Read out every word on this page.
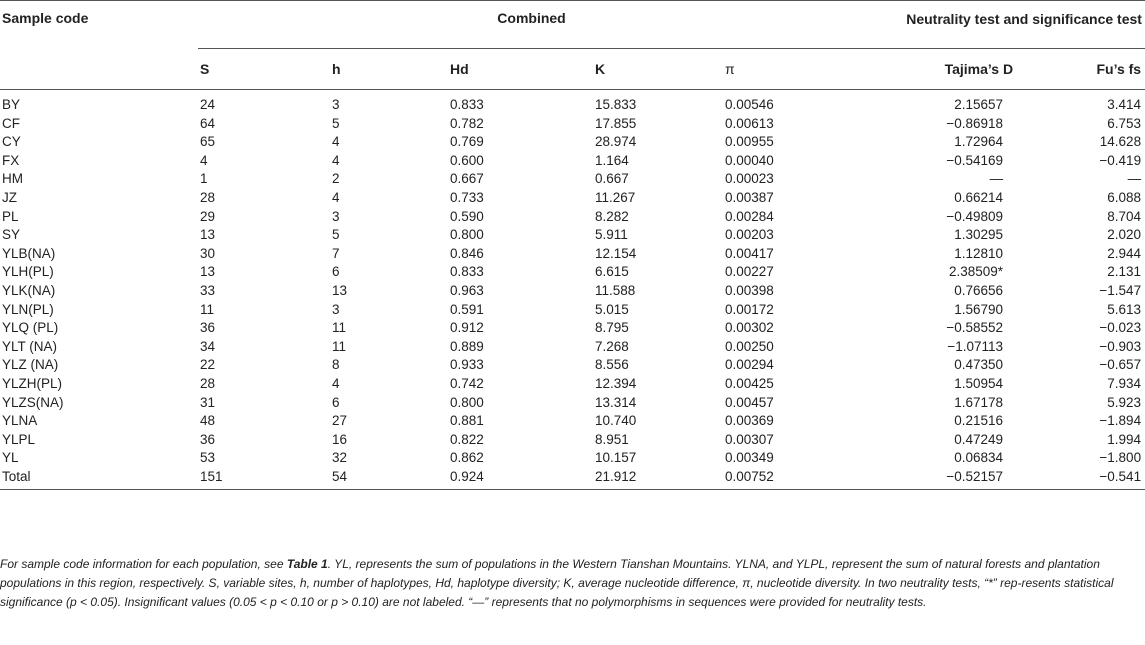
Sample code	Combined					Neutrality test and significance test	
	S	h	Hd	K	π	Tajima’s D	Fu’s fs
BY	24	3	0.833	15.833	0.00546	2.15657	3.414
CF	64	5	0.782	17.855	0.00613	−0.86918	6.753
CY	65	4	0.769	28.974	0.00955	1.72964	14.628
FX	4	4	0.600	1.164	0.00040	−0.54169	−0.419
HM	1	2	0.667	0.667	0.00023	—	—
JZ	28	4	0.733	11.267	0.00387	0.66214	6.088
PL	29	3	0.590	8.282	0.00284	−0.49809	8.704
SY	13	5	0.800	5.911	0.00203	1.30295	2.020
YLB(NA)	30	7	0.846	12.154	0.00417	1.12810	2.944
YLH(PL)	13	6	0.833	6.615	0.00227	2.38509*	2.131
YLK(NA)	33	13	0.963	11.588	0.00398	0.76656	−1.547
YLN(PL)	11	3	0.591	5.015	0.00172	1.56790	5.613
YLQ (PL)	36	11	0.912	8.795	0.00302	−0.58552	−0.023
YLT (NA)	34	11	0.889	7.268	0.00250	−1.07113	−0.903
YLZ (NA)	22	8	0.933	8.556	0.00294	0.47350	−0.657
YLZH(PL)	28	4	0.742	12.394	0.00425	1.50954	7.934
YLZS(NA)	31	6	0.800	13.314	0.00457	1.67178	5.923
YLNA	48	27	0.881	10.740	0.00369	0.21516	−1.894
YLPL	36	16	0.822	8.951	0.00307	0.47249	1.994
YL	53	32	0.862	10.157	0.00349	0.06834	−1.800
Total	151	54	0.924	21.912	0.00752	−0.52157	−0.541
For sample code information for each population, see Table 1. YL, represents the sum of populations in the Western Tianshan Mountains. YLNA, and YLPL, represent the sum of natural forests and plantation populations in this region, respectively. S, variable sites, h, number of haplotypes, Hd, haplotype diversity; K, average nucleotide difference, π, nucleotide diversity. In two neutrality tests, “*” rep-resents statistical significance (p < 0.05). Insignificant values (0.05 < p < 0.10 or p > 0.10) are not labeled. “—” represents that no polymorphisms in sequences were provided for neutrality tests.
